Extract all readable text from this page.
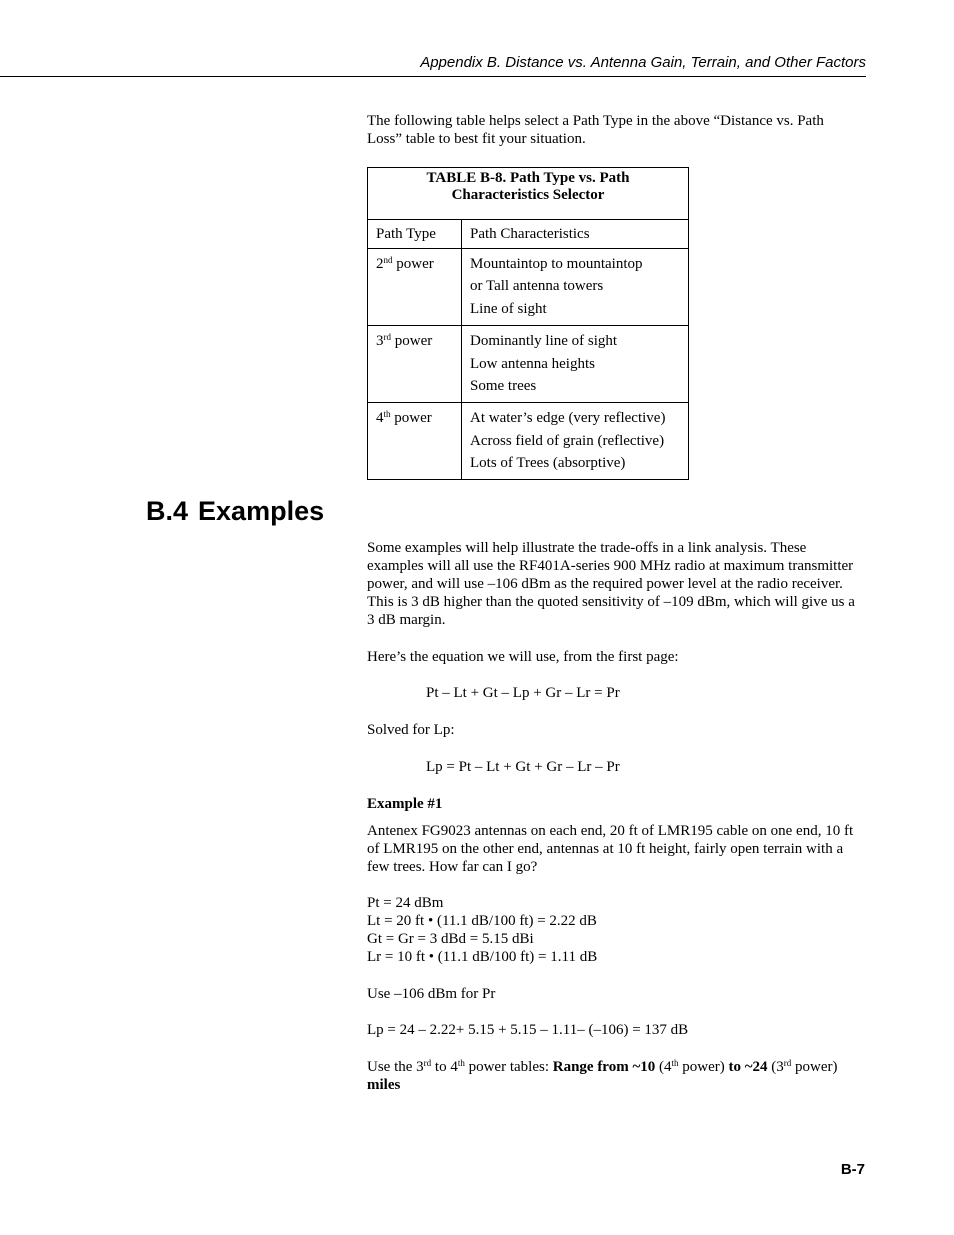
Appendix B. Distance vs. Antenna Gain, Terrain, and Other Factors

The following table helps select a Path Type in the above “Distance vs. Path Loss” table to best fit your situation.

TABLE B-8. Path Type vs. Path
Characteristics Selector	

Path Type	Path Characteristics
2nd power	Mountaintop to mountaintop
or Tall antenna towers
Line of sight

3rd power	Dominantly line of sight
Low antenna heights
Some trees

4th power	At water’s edge (very reflective)
Across field of grain (reflective)
Lots of Trees (absorptive)
B.4 Examples

Some examples will help illustrate the trade-offs in a link analysis. These examples will all use the RF401A-series 900 MHz radio at maximum transmitter power, and will use –106 dBm as the required power level at the radio receiver. This is 3 dB higher than the quoted sensitivity of –109 dBm, which will give us a 3 dB margin.

Here’s the equation we will use, from the first page:
Pt – Lt + Gt – Lp + Gr – Lr = Pr
Solved for Lp:
Lp = Pt – Lt + Gt + Gr – Lr – Pr
Example #1

Antenex FG9023 antennas on each end, 20 ft of LMR195 cable on one end, 10 ft of LMR195 on the other end, antennas at 10 ft height, fairly open terrain with a few trees. How far can I go?

Pt = 24 dBm
Lt = 20 ft • (11.1 dB/100 ft) = 2.22 dB
Gt = Gr = 3 dBd = 5.15 dBi
Lr = 10 ft • (11.1 dB/100 ft) = 1.11 dB
Use –106 dBm for Pr
Lp = 24 – 2.22+ 5.15 + 5.15 – 1.11– (–106) = 137 dB
Use the 3rd to 4th power tables: Range from ~10 (4th power) to ~24 (3rd power)
miles
B-7
